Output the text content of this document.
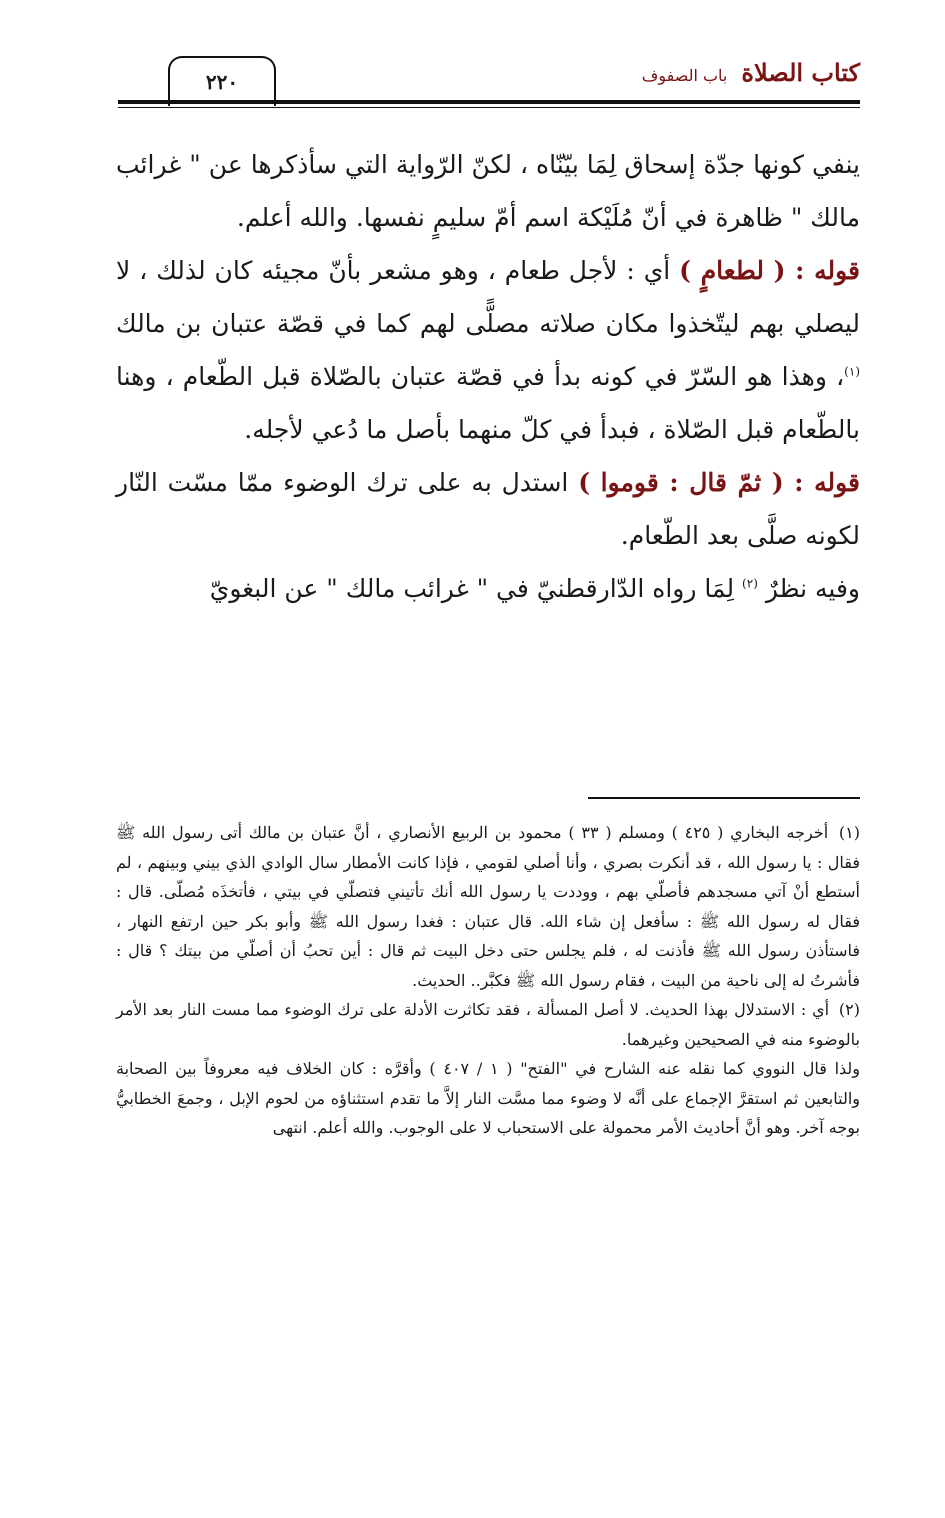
كتاب الصلاة
باب الصفوف
٢٢٠

ينفي كونها جدّة إسحاق لِمَا بيّنّاه ، لكنّ الرّواية التي سأذكرها عن " غرائب مالك " ظاهرة في أنّ مُلَيْكة اسم أمّ سليمٍ نفسها. والله أعلم.

قوله : ( لطعامٍ ) أي : لأجل طعام ، وهو مشعر بأنّ مجيئه كان لذلك ، لا ليصلي بهم ليتّخذوا مكان صلاته مصلًّى لهم كما في قصّة عتبان بن مالك $^{(١)}$، وهذا هو السّرّ في كونه بدأ في قصّة عتبان بالصّلاة قبل الطّعام ، وهنا بالطّعام قبل الصّلاة ، فبدأ في كلّ منهما بأصل ما دُعي لأجله.

قوله : ( ثمّ قال : قوموا ) استدل به على ترك الوضوء ممّا مسّت النّار لكونه صلَّى بعد الطّعام.

وفيه نظرٌ $^{(٢)}$ لِمَا رواه الدّارقطنيّ في " غرائب مالك " عن البغويّ

(١) أخرجه البخاري ( ٤٢٥ ) ومسلم ( ٣٣ ) محمود بن الربيع الأنصاري ، أنَّ عتبان بن مالك أتى رسول الله ﷺ فقال : يا رسول الله ، قد أنكرت بصري ، وأنا أصلي لقومي ، فإذا كانت الأمطار سال الوادي الذي بيني وبينهم ، لم أستطع أنْ آتي مسجدهم فأصلّي بهم ، ووددت يا رسول الله أنك تأتيني فتصلّي في بيتي ، فأتخذَه مُصلّى. قال : فقال له رسول الله ﷺ : سأفعل إن شاء الله. قال عتبان : فغدا رسول الله ﷺ وأبو بكر حين ارتفع النهار ، فاستأذن رسول الله ﷺ فأذنت له ، فلم يجلس حتى دخل البيت ثم قال : أين تحبُ أن أصلّي من بيتك ؟ قال : فأشرتُ له إلى ناحية من البيت ، فقام رسول الله ﷺ فكبَّر.. الحديث.

(٢) أي : الاستدلال بهذا الحديث. لا أصل المسألة ، فقد تكاثرت الأدلة على ترك الوضوء مما مست النار بعد الأمر بالوضوء منه في الصحيحين وغيرهما.

ولذا قال النووي كما نقله عنه الشارح في "الفتح" ( ١ / ٤٠٧ ) وأقرَّه : كان الخلاف فيه معروفاً بين الصحابة والتابعين ثم استقرَّ الإجماع على أنَّه لا وضوء مما مسَّت النار إلاَّ ما تقدم استثناؤه من لحوم الإبل ، وجمعَ الخطابيُّ بوجه آخر. وهو أنَّ أحاديث الأمر محمولة على الاستحباب لا على الوجوب. والله أعلم. انتهى
